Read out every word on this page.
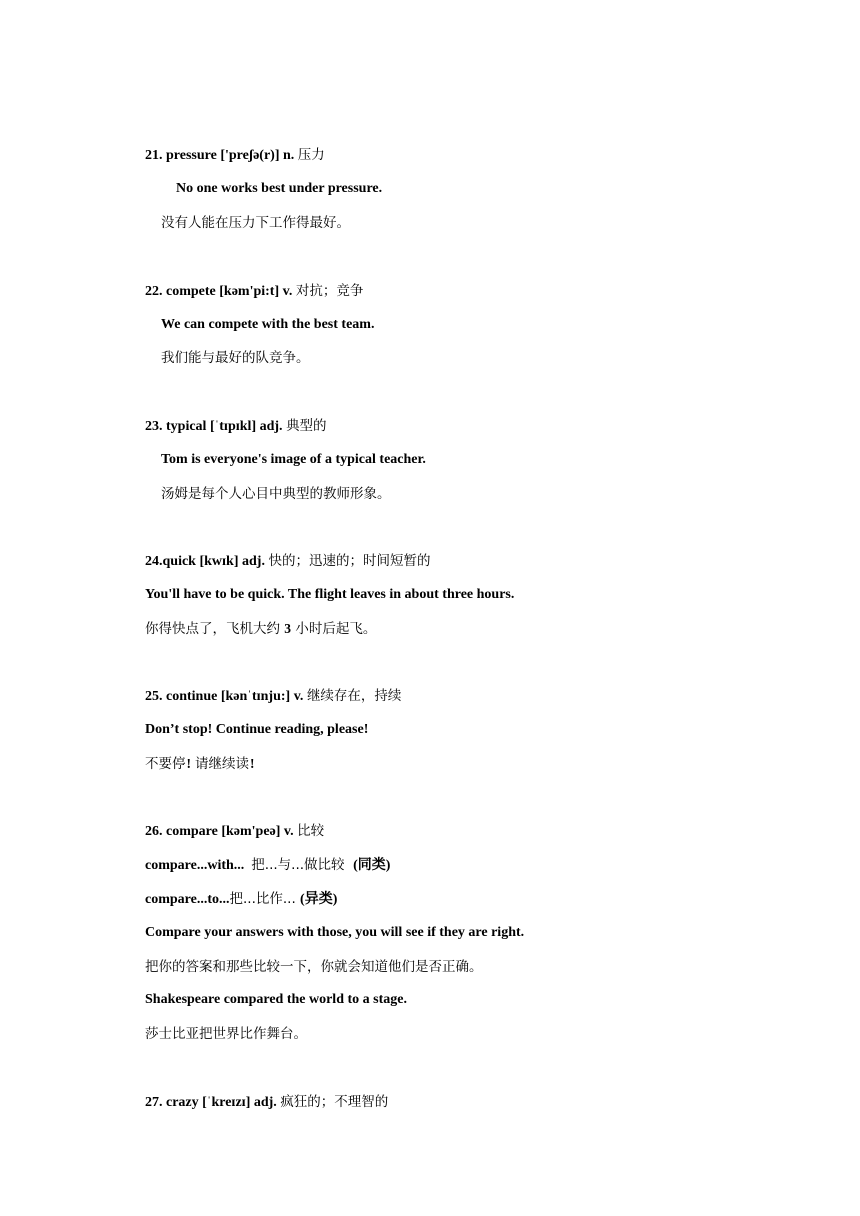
21. pressure ['preʃə(r)] n. 压力
No one works best under pressure.
没有人能在压力下工作得最好。
22. compete [kəm'pi:t] v. 对抗；竞争
We can compete with the best team.
我们能与最好的队竞争。
23. typical [ˈtɪpɪkl] adj. 典型的
Tom is everyone's image of a typical teacher.
汤姆是每个人心目中典型的教师形象。
24.quick [kwɪk] adj. 快的；迅速的；时间短暂的
You'll have to be quick. The flight leaves in about three hours.
你得快点了，飞机大约 3 小时后起飞。
25. continue [kənˈtɪnju:] v. 继续存在，持续
Don’t stop! Continue reading, please!
不要停! 请继续读!
26. compare [kəm'peə] v. 比较
compare...with...  把...与...做比较  (同类)
compare...to...把...比作... (异类)
Compare your answers with those, you will see if they are right.
把你的答案和那些比较一下，你就会知道他们是否正确。
Shakespeare compared the world to a stage.
莎士比亚把世界比作舞台。
27. crazy [ˈkreɪzɪ] adj. 疯狂的；不理智的
